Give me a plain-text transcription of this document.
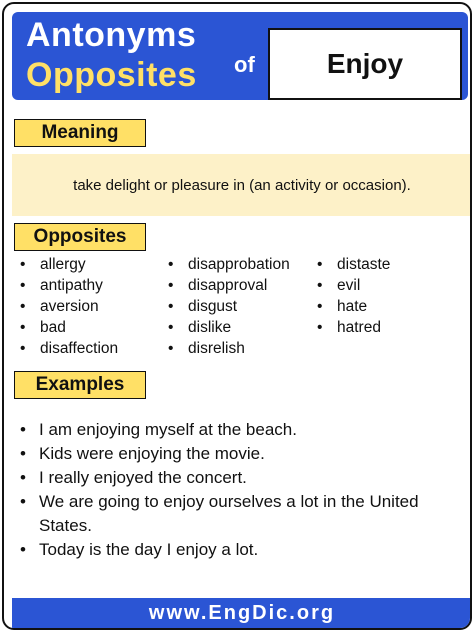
Antonyms
Opposites of	Enjoy
Meaning
take delight or pleasure in (an activity or occasion).
Opposites
• allergy
• antipathy
• aversion
• bad
• disaffection
• disapprobation
• disapproval
• disgust
• dislike
• disrelish
• distaste
• evil
• hate
• hatred
Examples
• I am enjoying myself at the beach.
• Kids were enjoying the movie.
• I really enjoyed the concert.
• We are going to enjoy ourselves a lot in the United States.
• Today is the day I enjoy a lot.
www.EngDic.org
